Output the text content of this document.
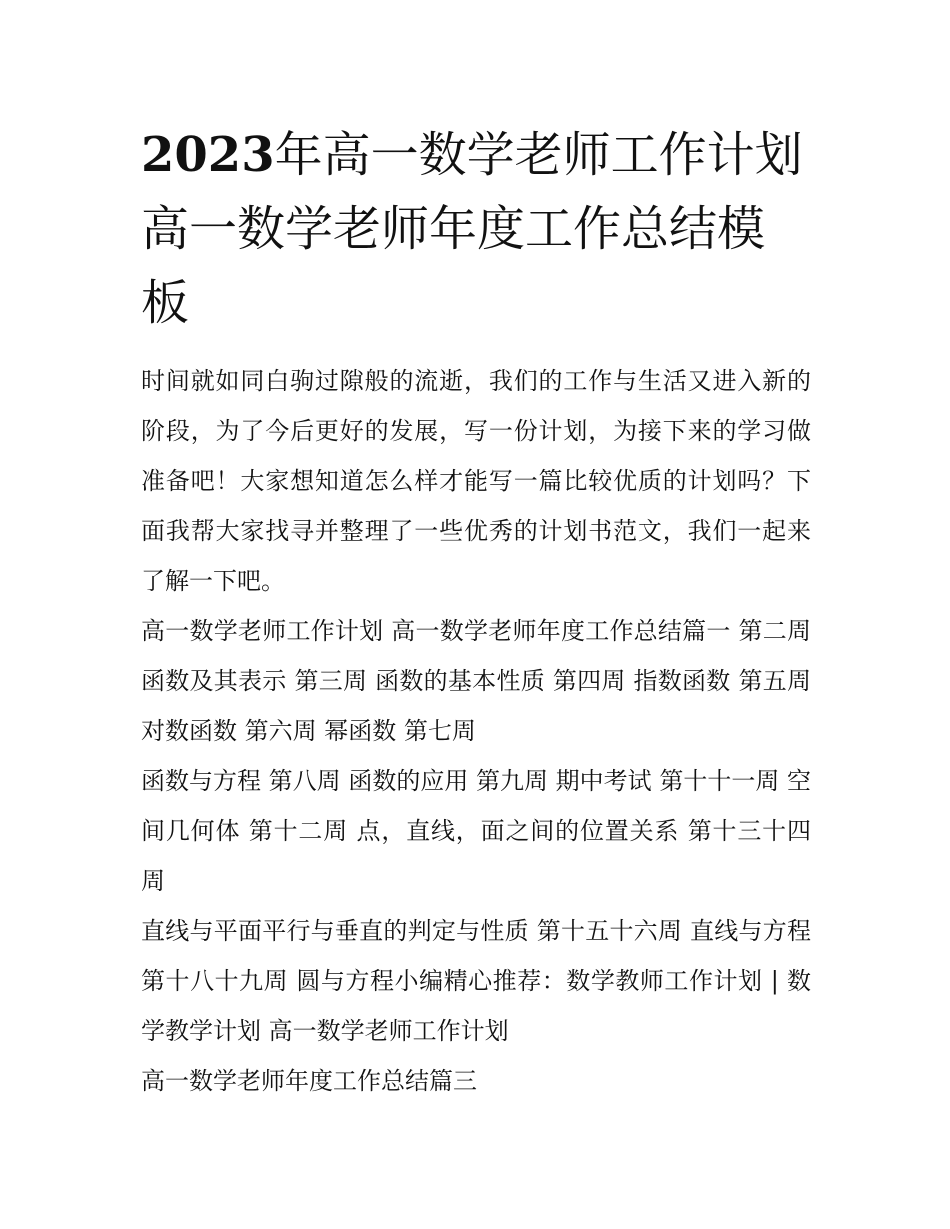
2023年高一数学老师工作计划 高一数学老师年度工作总结模板

时间就如同白驹过隙般的流逝，我们的工作与生活又进入新的阶段，为了今后更好的发展，写一份计划，为接下来的学习做准备吧！大家想知道怎么样才能写一篇比较优质的计划吗？下面我帮大家找寻并整理了一些优秀的计划书范文，我们一起来了解一下吧。

高一数学老师工作计划 高一数学老师年度工作总结篇一 第二周 函数及其表示 第三周 函数的基本性质 第四周 指数函数 第五周 对数函数 第六周 幂函数 第七周

函数与方程 第八周 函数的应用 第九周 期中考试 第十十一周 空间几何体 第十二周 点，直线，面之间的位置关系 第十三十四周

直线与平面平行与垂直的判定与性质 第十五十六周 直线与方程 第十八十九周 圆与方程小编精心推荐：数学教师工作计划 | 数学教学计划 高一数学老师工作计划

高一数学老师年度工作总结篇三
